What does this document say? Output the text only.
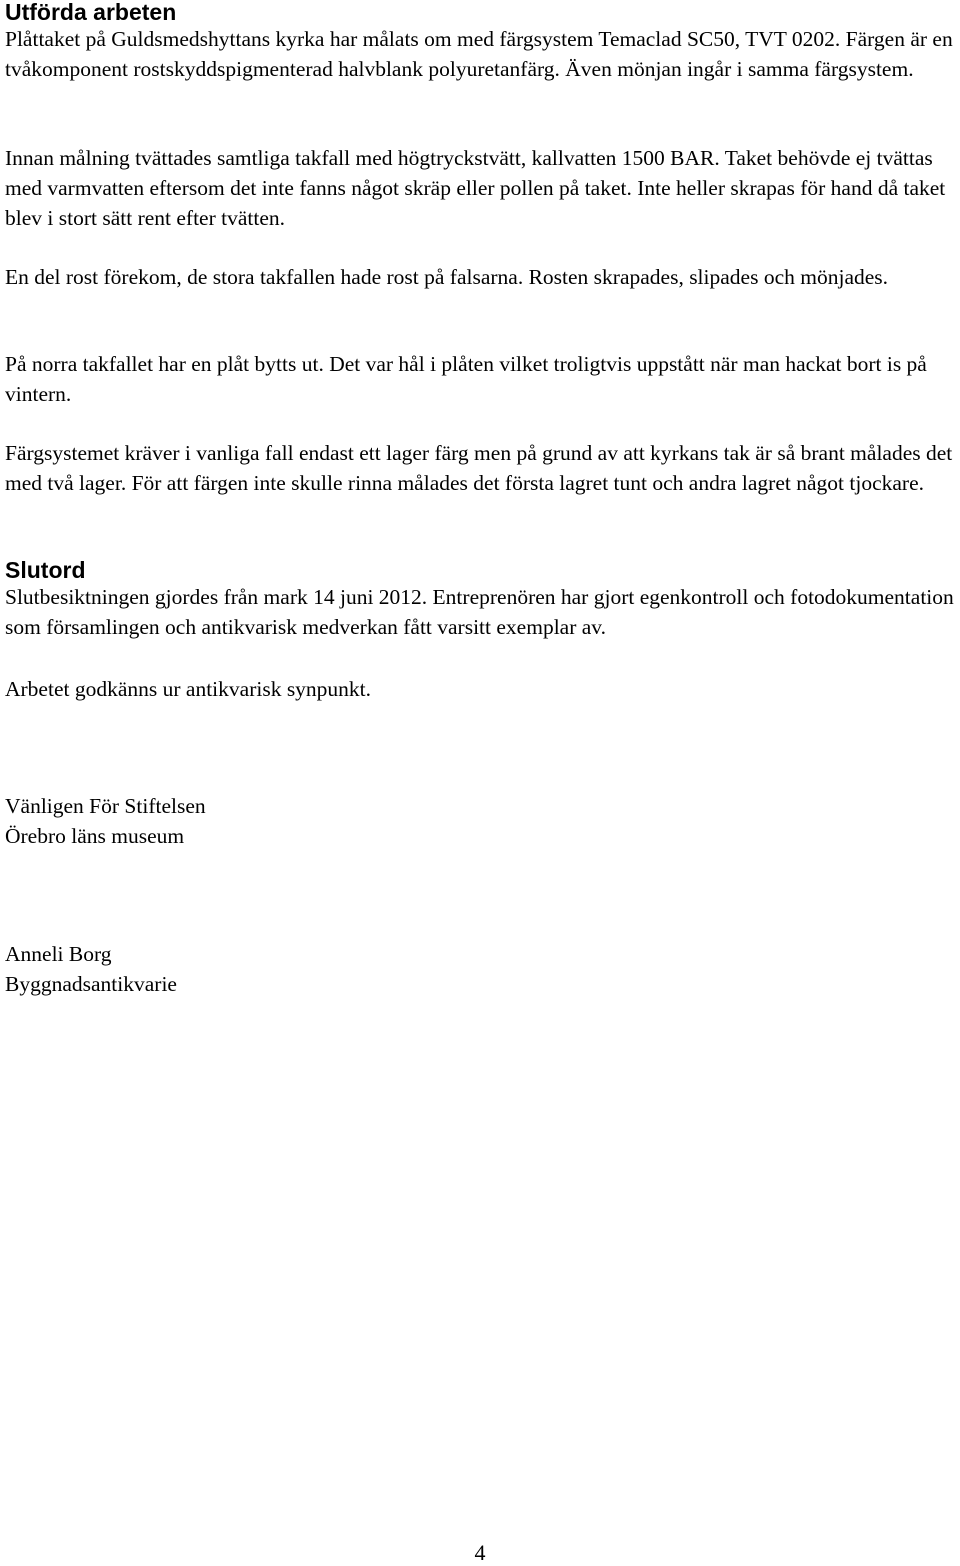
Utförda arbeten

Plåttaket på Guldsmedshyttans kyrka har målats om med färgsystem Temaclad SC50, TVT 0202. Färgen är en tvåkomponent rostskyddspigmenterad halvblank polyuretanfärg. Även mönjan ingår i samma färgsystem.

Innan målning tvättades samtliga takfall med högtryckstvätt, kallvatten 1500 BAR. Taket behövde ej tvättas med varmvatten eftersom det inte fanns något skräp eller pollen på taket. Inte heller skrapas för hand då taket blev i stort sätt rent efter tvätten.

En del rost förekom, de stora takfallen hade rost på falsarna. Rosten skrapades, slipades och mönjades.

På norra takfallet har en plåt bytts ut. Det var hål i plåten vilket troligtvis uppstått när man hackat bort is på vintern.

Färgsystemet kräver i vanliga fall endast ett lager färg men på grund av att kyrkans tak är så brant målades det med två lager. För att färgen inte skulle rinna målades det första lagret tunt och andra lagret något tjockare.

Slutord

Slutbesiktningen gjordes från mark 14 juni 2012. Entreprenören har gjort egenkontroll och fotodokumentation som församlingen och antikvarisk medverkan fått varsitt exemplar av.

Arbetet godkänns ur antikvarisk synpunkt.

Vänligen För Stiftelsen

Örebro läns museum

Anneli Borg

Byggnadsantikvarie

4
